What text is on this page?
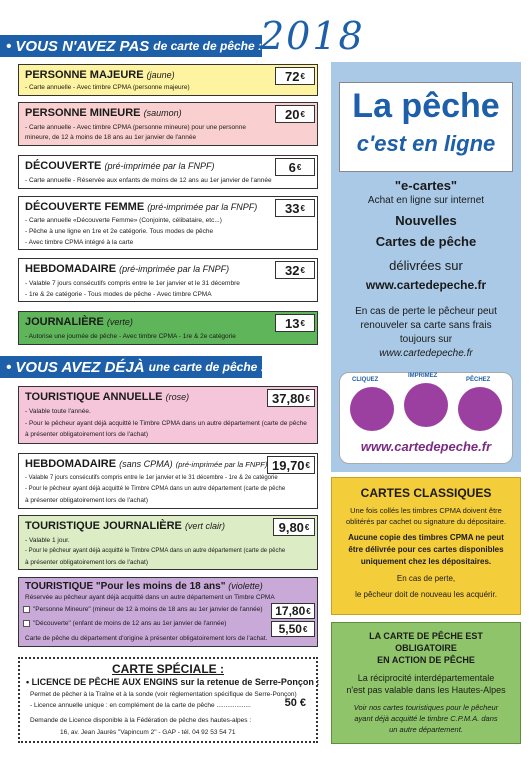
• VOUS N'AVEZ PAS de carte de pêche :
2018
PERSONNE MAJEURE (jaune)
- Carte annuelle - Avec timbre CPMA (personne majeure)
72 €
PERSONNE MINEURE (saumon)
- Carte annuelle - Avec timbre CPMA (personne mineure) pour une personne
mineure, de 12 à moins de 18 ans au 1er janvier de l'année
20 €
DÉCOUVERTE (pré-imprimée par la FNPF)
- Carte annuelle - Réservée aux enfants de moins de 12 ans au 1er janvier de l'année
6 €
DÉCOUVERTE FEMME (pré-imprimée par la FNPF)
- Carte annuelle «Découverte Femme» (Conjointe, célibataire, etc...)
- Pêche à une ligne en 1re et 2e catégorie. Tous modes de pêche
- Avec timbre CPMA intégré à la carte
33 €
HEBDOMADAIRE (pré-imprimée par la FNPF)
- Valable 7 jours consécutifs compris entre le 1er janvier et le 31 décembre
- 1re & 2e catégorie - Tous modes de pêche - Avec timbre CPMA
32 €
JOURNALIÈRE (verte)
- Autorise une journée de pêche - Avec timbre CPMA - 1re & 2e catégorie
13 €
• VOUS AVEZ DÉJÀ une carte de pêche :
TOURISTIQUE ANNUELLE (rose)
- Valable toute l'année.
- Pour le pêcheur ayant déjà acquitté le Timbre CPMA dans un autre département (carte de pêche
à présenter obligatoirement lors de l'achat)
37,80 €
HEBDOMADAIRE (sans CPMA) (pré-imprimée par la FNPF)
- Valable 7 jours consécutifs compris entre le 1er janvier et le 31 décembre - 1re & 2e catégorie
- Pour le pêcheur ayant déjà acquitté le Timbre CPMA dans un autre département (carte de pêche
à présenter obligatoirement lors de l'achat)
19,70 €
TOURISTIQUE JOURNALIÈRE (vert clair)
- Valable 1 jour.
- Pour le pêcheur ayant déjà acquitté le Timbre CPMA dans un autre département (carte de pêche
à présenter obligatoirement lors de l'achat)
9,80 €
TOURISTIQUE "Pour les moins de 18 ans" (violette)
Réservée au pêcheur ayant déjà acquitté dans un autre département un Timbre CPMA
"Personne Mineure" (mineur de 12 à moins de 18 ans au 1er janvier de l'année)
"Découverte" (enfant de moins de 12 ans au 1er janvier de l'année)
Carte de pêche du département d'origine à présenter obligatoirement lors de l'achat.
17,80 €
5,50 €
CARTE SPÉCIALE :
• LICENCE DE PÊCHE AUX ENGINS sur la retenue de Serre-Ponçon :
Permet de pêcher à la Traîne et à la sonde (voir réglementation spécifique de Serre-Ponçon)
- Licence annuelle unique : en complément de la carte de pêche ...................	50 €
Demande de Licence disponible à la Fédération de pêche des hautes-alpes :
16, av. Jean Jaurès "Vapincum 2" - GAP - tél. 04 92 53 54 71
La pêche
c'est en ligne
"e-cartes"
Achat en ligne sur internet
Nouvelles
Cartes de pêche
délivrées sur
www.cartedepeche.fr
En cas de perte le pêcheur peut
renouveler sa carte sans frais
toujours sur
www.cartedepeche.fr
CLIQUEZ
IMPRIMEZ
PÊCHEZ
www.cartedepeche.fr
CARTES CLASSIQUES
Une fois collés les timbres CPMA doivent être
oblitérés par cachet ou signature du dépositaire.
Aucune copie des timbres CPMA ne peut
être délivrée pour ces cartes disponibles
uniquement chez les dépositaires.
En cas de perte,
le pêcheur doit de nouveau les acquérir.
LA CARTE DE PÊCHE EST
OBLIGATOIRE
EN ACTION DE PÊCHE
La réciprocité interdépartementale
n'est pas valable dans les Hautes-Alpes
Voir nos cartes touristiques pour le pêcheur
ayant déjà acquitté le timbre C.P.M.A. dans
un autre département.
